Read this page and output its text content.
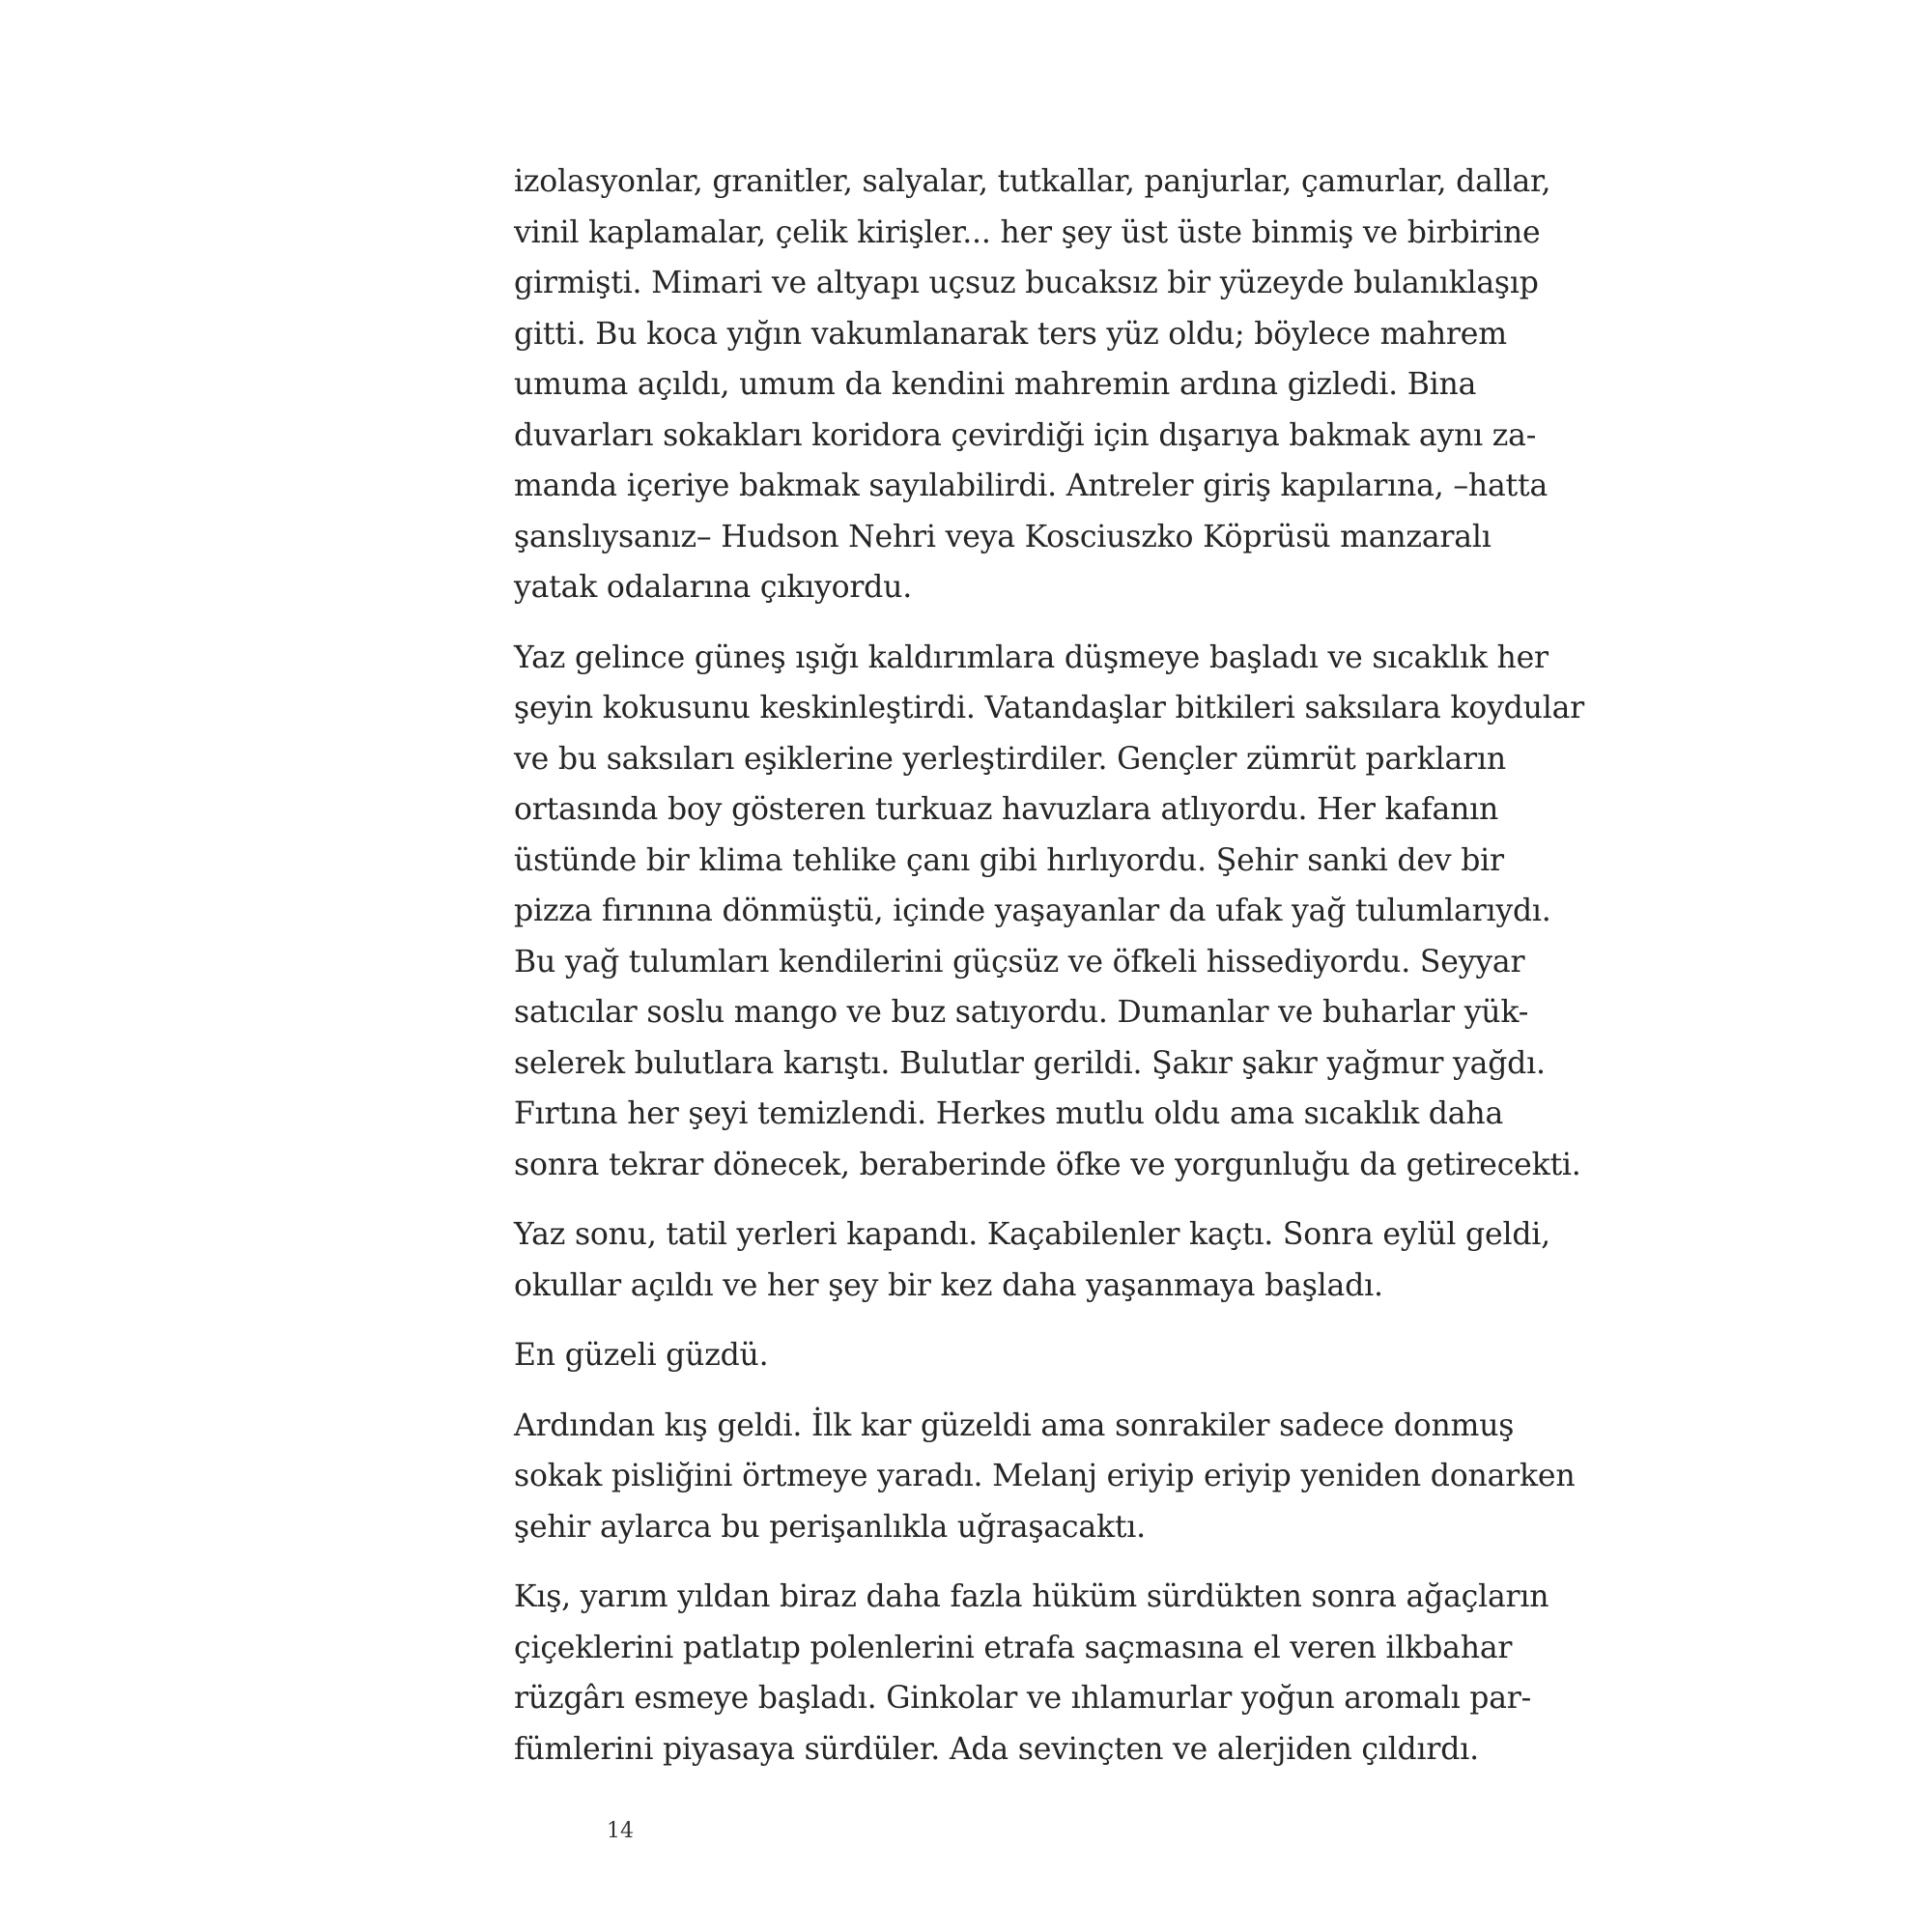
izolasyonlar, granitler, salyalar, tutkallar, panjurlar, çamurlar, dallar,
vinil kaplamalar, çelik kirişler... her şey üst üste binmiş ve birbirine
girmişti. Mimari ve altyapı uçsuz bucaksız bir yüzeyde bulanıklaşıp
gitti. Bu koca yığın vakumlanarak ters yüz oldu; böylece mahrem
umuma açıldı, umum da kendini mahremin ardına gizledi. Bina
duvarları sokakları koridora çevirdiği için dışarıya bakmak aynı za-
manda içeriye bakmak sayılabilirdi. Antreler giriş kapılarına, –hatta
şanslıysanız– Hudson Nehri veya Kosciuszko Köprüsü manzaralı
yatak odalarına çıkıyordu.
Yaz gelince güneş ışığı kaldırımlara düşmeye başladı ve sıcaklık her
şeyin kokusunu keskinleştirdi. Vatandaşlar bitkileri saksılara koydular
ve bu saksıları eşiklerine yerleştirdiler. Gençler zümrüt parkların
ortasında boy gösteren turkuaz havuzlara atlıyordu. Her kafanın
üstünde bir klima tehlike çanı gibi hırlıyordu. Şehir sanki dev bir
pizza fırınına dönmüştü, içinde yaşayanlar da ufak yağ tulumlarıydı.
Bu yağ tulumları kendilerini güçsüz ve öfkeli hissediyordu. Seyyar
satıcılar soslu mango ve buz satıyordu. Dumanlar ve buharlar yük-
selerek bulutlara karıştı. Bulutlar gerildi. Şakır şakır yağmur yağdı.
Fırtına her şeyi temizlendi. Herkes mutlu oldu ama sıcaklık daha
sonra tekrar dönecek, beraberinde öfke ve yorgunluğu da getirecekti.
Yaz sonu, tatil yerleri kapandı. Kaçabilenler kaçtı. Sonra eylül geldi,
okullar açıldı ve her şey bir kez daha yaşanmaya başladı.
En güzeli güzdü.
Ardından kış geldi. İlk kar güzeldi ama sonrakiler sadece donmuş
sokak pisliğini örtmeye yaradı. Melanj eriyip eriyip yeniden donarken
şehir aylarca bu perişanlıkla uğraşacaktı.
Kış, yarım yıldan biraz daha fazla hüküm sürdükten sonra ağaçların
çiçeklerini patlatıp polenlerini etrafa saçmasına el veren ilkbahar
rüzgârı esmeye başladı. Ginkolar ve ıhlamurlar yoğun aromalı par-
fümlerini piyasaya sürdüler. Ada sevinçten ve alerjiden çıldırdı.
14
